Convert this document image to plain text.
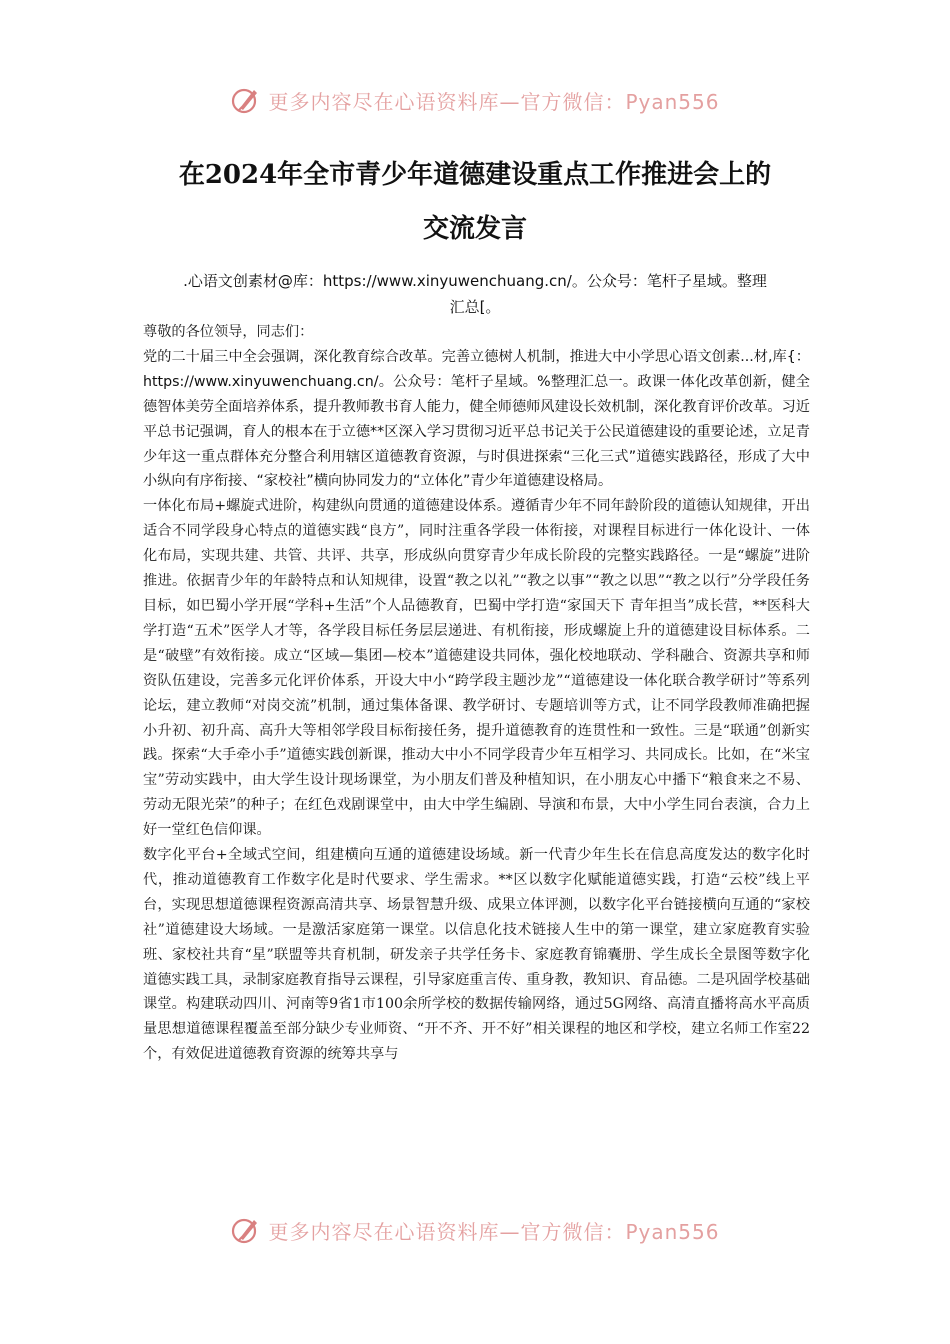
更多内容尽在心语资料库—官方微信：Pyan556
在2024年全市青少年道德建设重点工作推进会上的
交流发言
.心语文创素材@库：https://www.xinyuwenchuang.cn/。公众号：笔杆子星域。整理
汇总[。

尊敬的各位领导，同志们：

党的二十届三中全会强调，深化教育综合改革。完善立德树人机制，推进大中小学思心语文创素...材,库{：https://www.xinyuwenchuang.cn/。公众号：笔杆子星域。%整理汇总一。政课一体化改革创新，健全德智体美劳全面培养体系，提升教师教书育人能力，健全师德师风建设长效机制，深化教育评价改革。习近平总书记强调，育人的根本在于立德**区深入学习贯彻习近平总书记关于公民道德建设的重要论述，立足青少年这一重点群体充分整合利用辖区道德教育资源，与时俱进探索“三化三式”道德实践路径，形成了大中小纵向有序衔接、“家校社”横向协同发力的“立体化”青少年道德建设格局。

一体化布局+螺旋式进阶，构建纵向贯通的道德建设体系。遵循青少年不同年龄阶段的道德认知规律，开出适合不同学段身心特点的道德实践“良方”，同时注重各学段一体衔接，对课程目标进行一体化设计、一体化布局，实现共建、共管、共评、共享，形成纵向贯穿青少年成长阶段的完整实践路径。一是“螺旋”进阶推进。依据青少年的年龄特点和认知规律，设置“教之以礼”“教之以事”“教之以思”“教之以行”分学段任务目标，如巴蜀小学开展“学科+生活”个人品德教育，巴蜀中学打造“家国天下 青年担当”成长营，**医科大学打造“五术”医学人才等，各学段目标任务层层递进、有机衔接，形成螺旋上升的道德建设目标体系。二是“破壁”有效衔接。成立“区域—集团—校本”道德建设共同体，强化校地联动、学科融合、资源共享和师资队伍建设，完善多元化评价体系，开设大中小“跨学段主题沙龙”“道德建设一体化联合教学研讨”等系列论坛，建立教师“对岗交流”机制，通过集体备课、教学研讨、专题培训等方式，让不同学段教师准确把握小升初、初升高、高升大等相邻学段目标衔接任务，提升道德教育的连贯性和一致性。三是“联通”创新实践。探索“大手牵小手”道德实践创新课，推动大中小不同学段青少年互相学习、共同成长。比如，在“米宝宝”劳动实践中，由大学生设计现场课堂，为小朋友们普及种植知识，在小朋友心中播下“粮食来之不易、劳动无限光荣”的种子；在红色戏剧课堂中，由大中学生编剧、导演和布景，大中小学生同台表演，合力上好一堂红色信仰课。

数字化平台+全域式空间，组建横向互通的道德建设场域。新一代青少年生长在信息高度发达的数字化时代，推动道德教育工作数字化是时代要求、学生需求。**区以数字化赋能道德实践，打造“云校”线上平台，实现思想道德课程资源高清共享、场景智慧升级、成果立体评测，以数字化平台链接横向互通的“家校社”道德建设大场域。一是激活家庭第一课堂。以信息化技术链接人生中的第一课堂，建立家庭教育实验班、家校社共育“星”联盟等共育机制，研发亲子共学任务卡、家庭教育锦囊册、学生成长全景图等数字化道德实践工具，录制家庭教育指导云课程，引导家庭重言传、重身教，教知识、育品德。二是巩固学校基础课堂。构建联动四川、河南等9省1市100余所学校的数据传输网络，通过5G网络、高清直播将高水平高质量思想道德课程覆盖至部分缺少专业师资、“开不齐、开不好”相关课程的地区和学校，建立名师工作室22个，有效促进道德教育资源的统筹共享与

更多内容尽在心语资料库—官方微信：Pyan556
